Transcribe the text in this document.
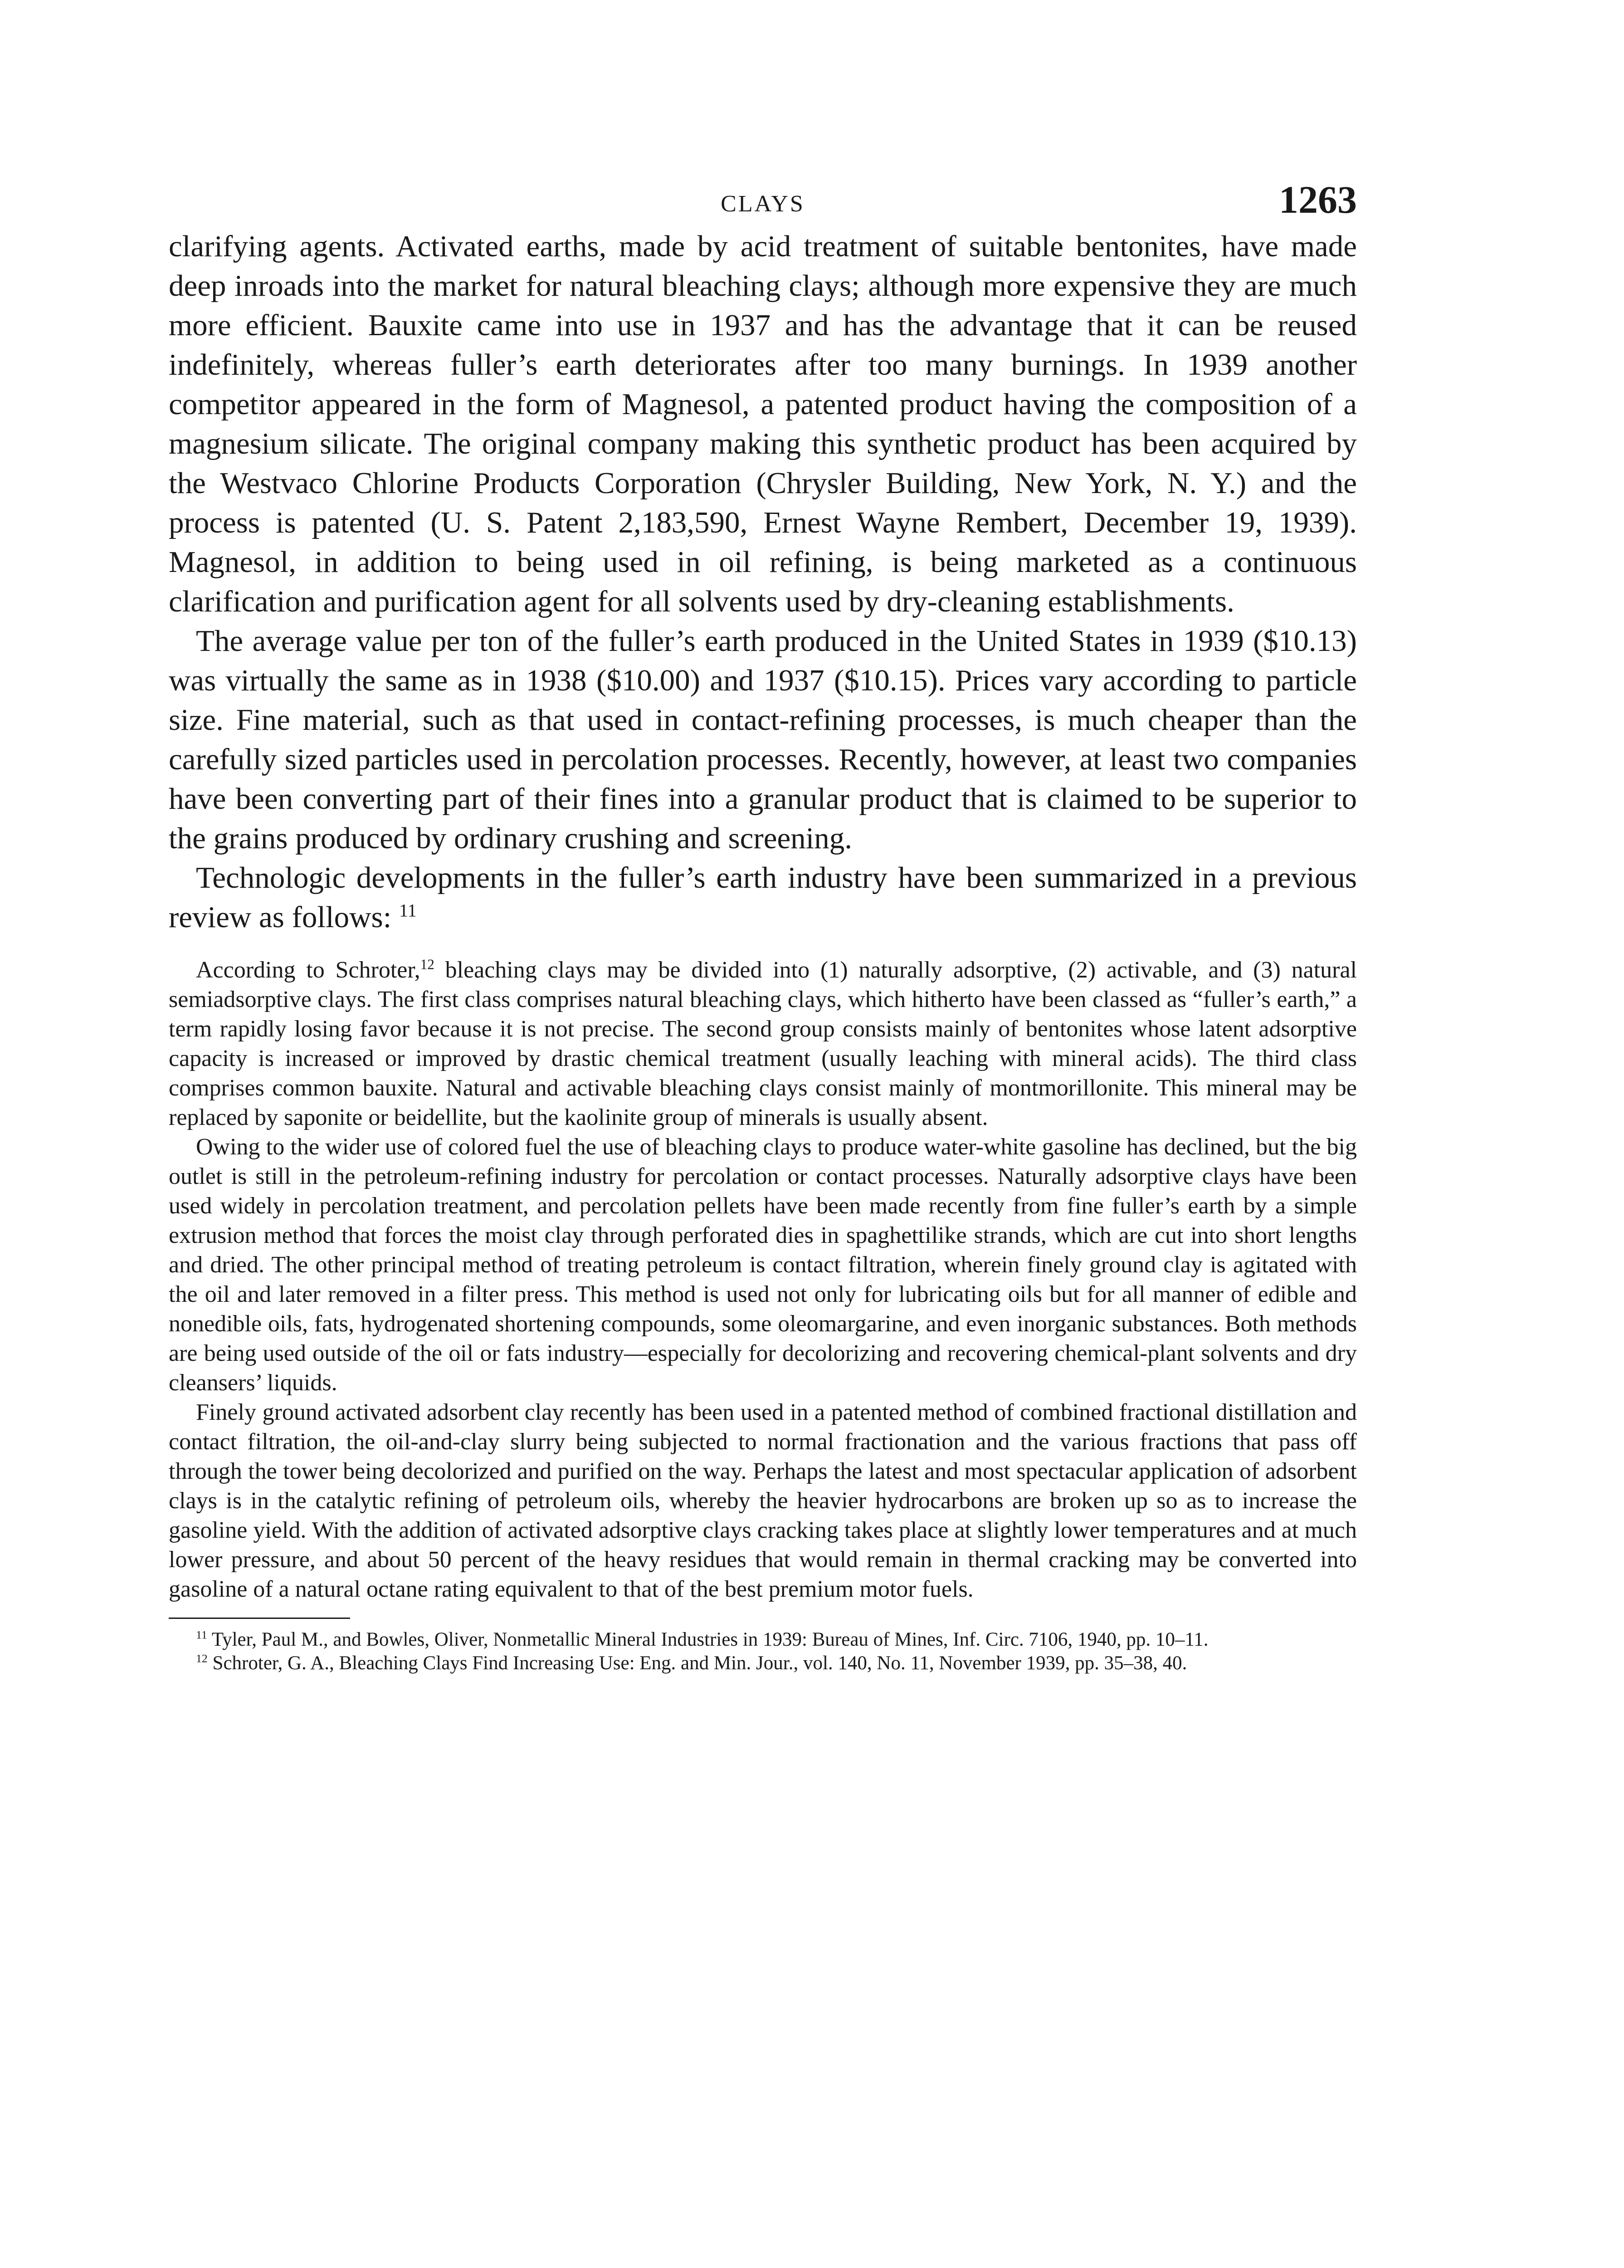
CLAYS	1263

clarifying agents. Activated earths, made by acid treatment of suitable bentonites, have made deep inroads into the market for natural bleaching clays; although more expensive they are much more efficient. Bauxite came into use in 1937 and has the advantage that it can be reused indefinitely, whereas fuller’s earth deteriorates after too many burnings. In 1939 another competitor appeared in the form of Magnesol, a patented product having the composition of a magnesium silicate. The original company making this synthetic product has been acquired by the Westvaco Chlorine Products Corporation (Chrysler Building, New York, N. Y.) and the process is patented (U. S. Patent 2,183,590, Ernest Wayne Rembert, December 19, 1939). Magnesol, in addition to being used in oil refining, is being marketed as a continuous clarification and purification agent for all solvents used by dry-cleaning establishments.

The average value per ton of the fuller’s earth produced in the United States in 1939 ($10.13) was virtually the same as in 1938 ($10.00) and 1937 ($10.15). Prices vary according to particle size. Fine material, such as that used in contact-refining processes, is much cheaper than the carefully sized particles used in percolation processes. Recently, however, at least two companies have been converting part of their fines into a granular product that is claimed to be superior to the grains produced by ordinary crushing and screening.

Technologic developments in the fuller’s earth industry have been summarized in a previous review as follows: $^{11}$

According to Schroter,$^{12}$ bleaching clays may be divided into (1) naturally adsorptive, (2) activable, and (3) natural semiadsorptive clays. The first class comprises natural bleaching clays, which hitherto have been classed as “fuller’s earth,” a term rapidly losing favor because it is not precise. The second group consists mainly of bentonites whose latent adsorptive capacity is increased or improved by drastic chemical treatment (usually leaching with mineral acids). The third class comprises common bauxite. Natural and activable bleaching clays consist mainly of montmorillonite. This mineral may be replaced by saponite or beidellite, but the kaolinite group of minerals is usually absent.

Owing to the wider use of colored fuel the use of bleaching clays to produce water-white gasoline has declined, but the big outlet is still in the petroleum-refining industry for percolation or contact processes. Naturally adsorptive clays have been used widely in percolation treatment, and percolation pellets have been made recently from fine fuller’s earth by a simple extrusion method that forces the moist clay through perforated dies in spaghettilike strands, which are cut into short lengths and dried. The other principal method of treating petroleum is contact filtration, wherein finely ground clay is agitated with the oil and later removed in a filter press. This method is used not only for lubricating oils but for all manner of edible and nonedible oils, fats, hydrogenated shortening compounds, some oleomargarine, and even inorganic substances. Both methods are being used outside of the oil or fats industry—especially for decolorizing and recovering chemical-plant solvents and dry cleansers’ liquids.

Finely ground activated adsorbent clay recently has been used in a patented method of combined fractional distillation and contact filtration, the oil-and-clay slurry being subjected to normal fractionation and the various fractions that pass off through the tower being decolorized and purified on the way. Perhaps the latest and most spectacular application of adsorbent clays is in the catalytic refining of petroleum oils, whereby the heavier hydrocarbons are broken up so as to increase the gasoline yield. With the addition of activated adsorptive clays cracking takes place at slightly lower temperatures and at much lower pressure, and about 50 percent of the heavy residues that would remain in thermal cracking may be converted into gasoline of a natural octane rating equivalent to that of the best premium motor fuels.

$^{11}$ Tyler, Paul M., and Bowles, Oliver, Nonmetallic Mineral Industries in 1939: Bureau of Mines, Inf. Circ. 7106, 1940, pp. 10–11.

$^{12}$ Schroter, G. A., Bleaching Clays Find Increasing Use: Eng. and Min. Jour., vol. 140, No. 11, November 1939, pp. 35–38, 40.
